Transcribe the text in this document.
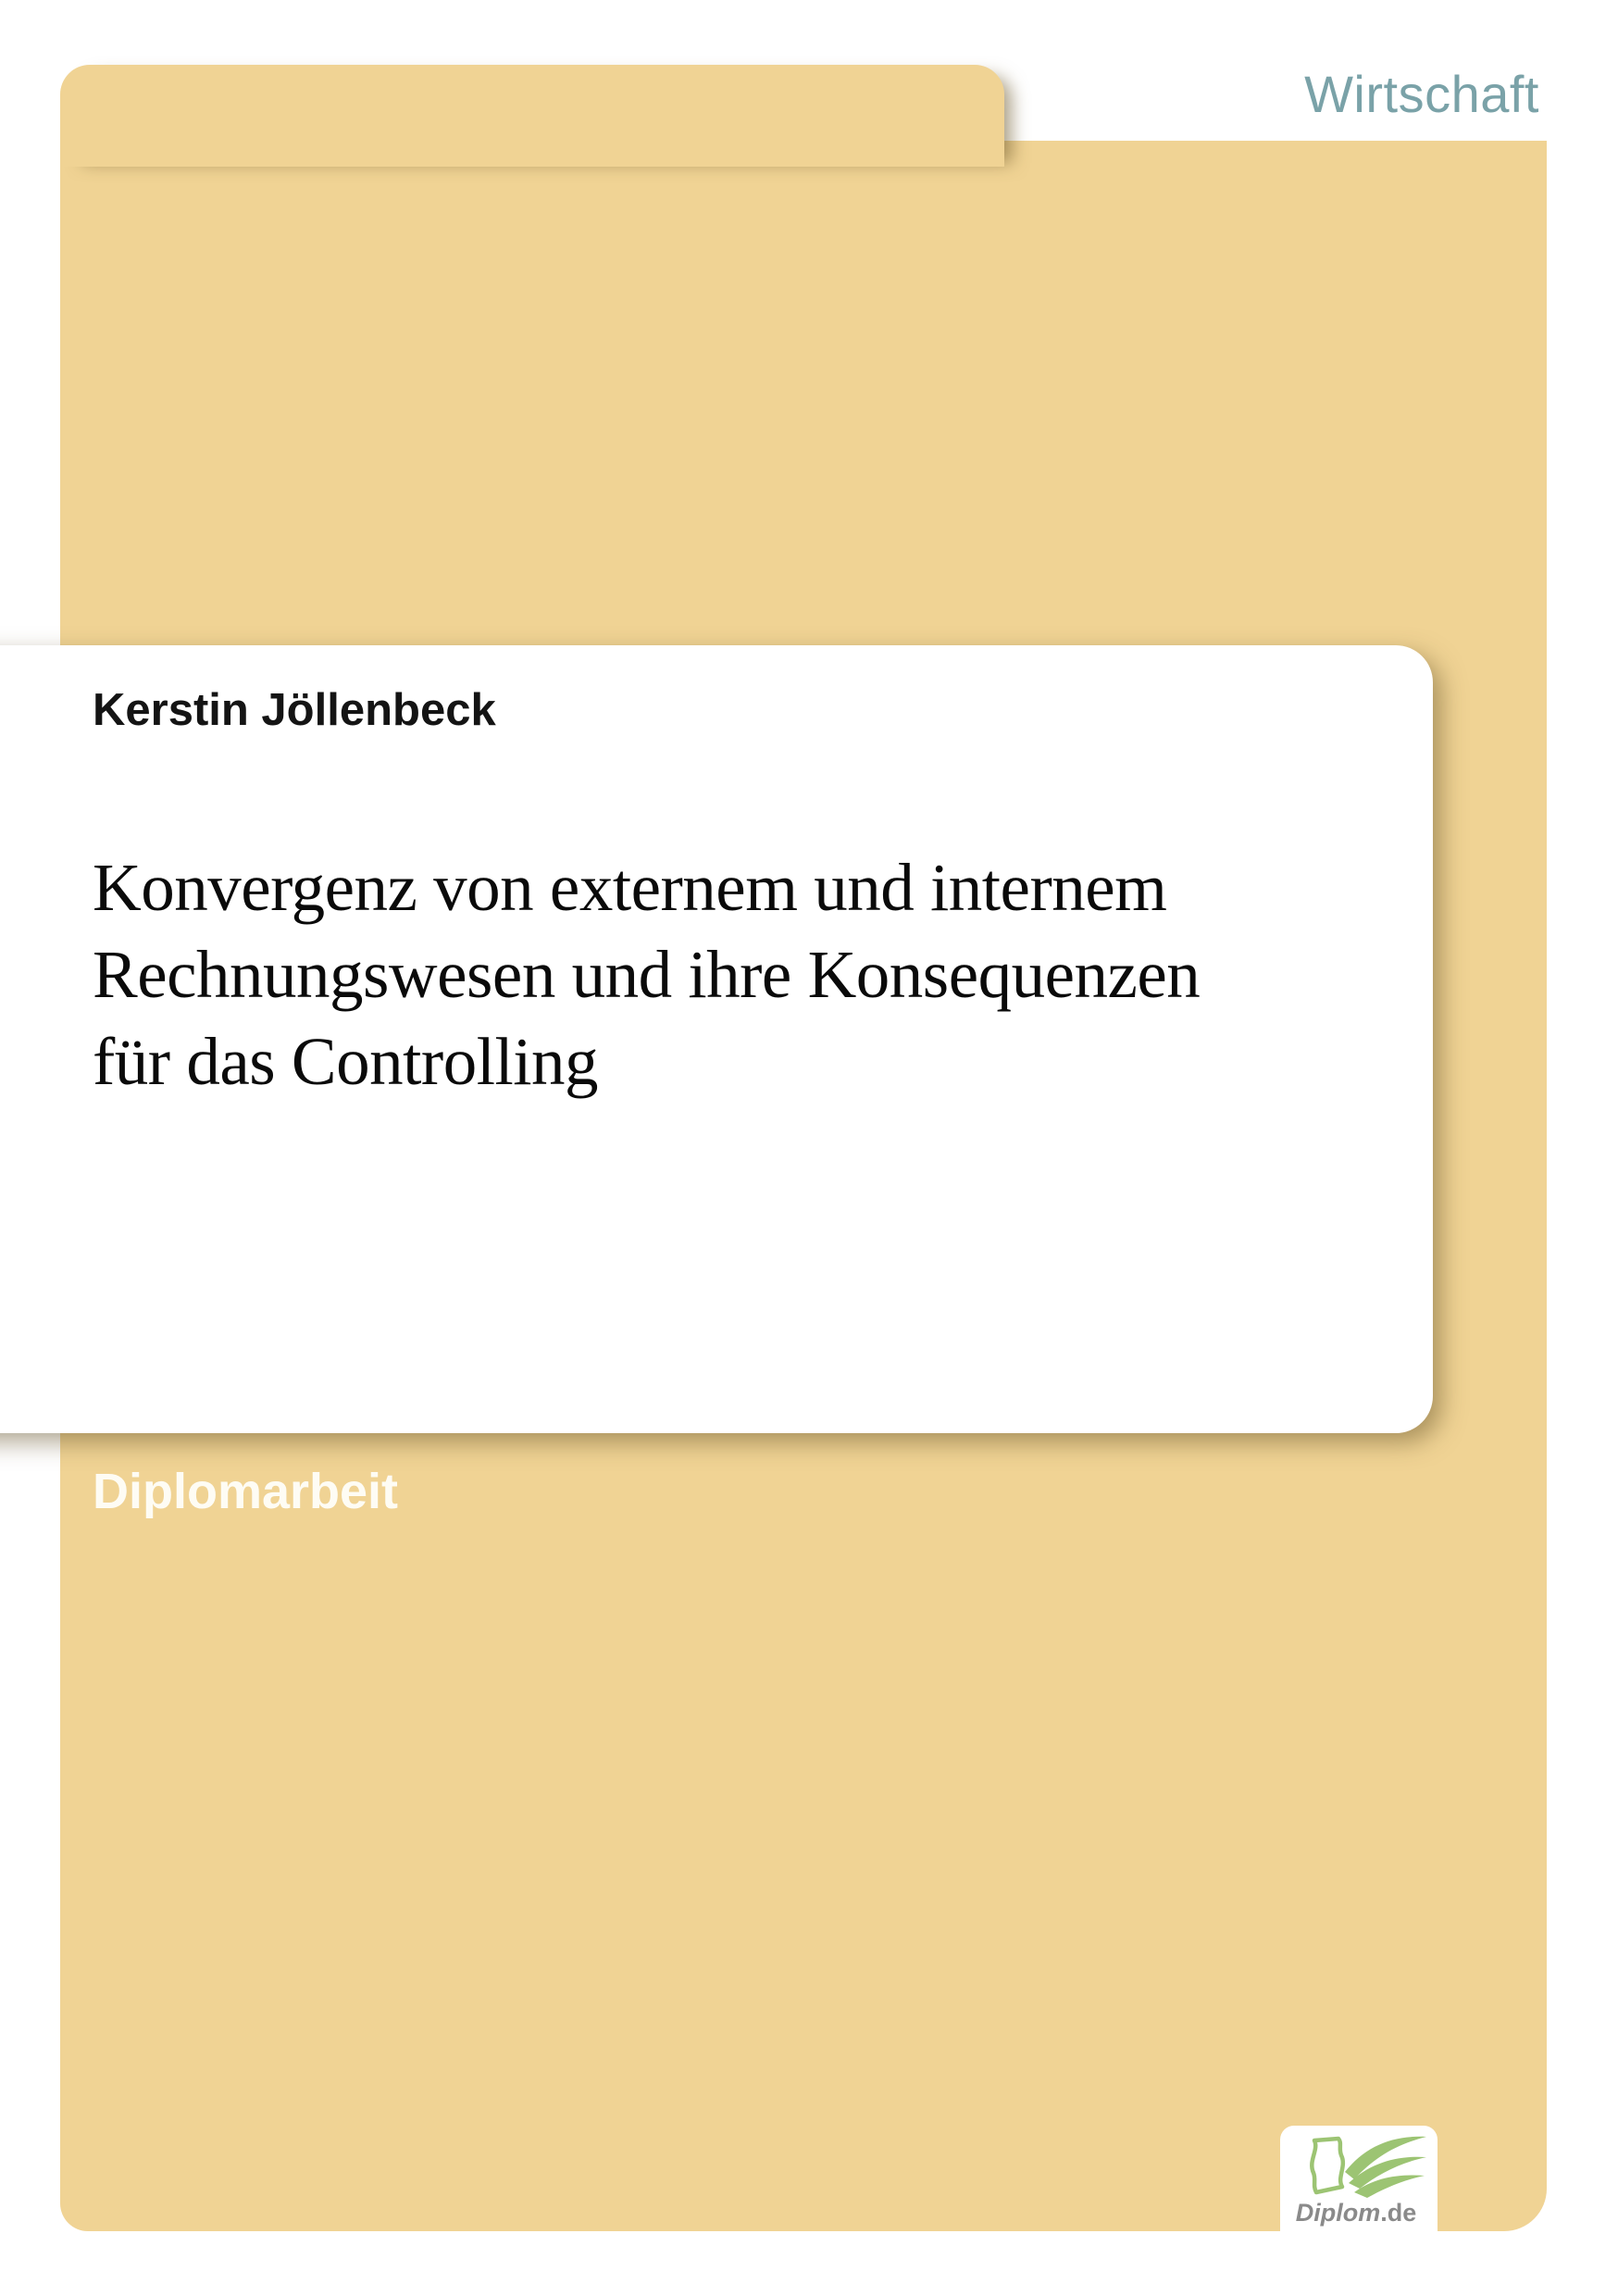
Wirtschaft
Kerstin Jöllenbeck
Konvergenz von externem und internem
Rechnungswesen und ihre Konsequenzen
für das Controlling
Diplomarbeit
Diplom.de
